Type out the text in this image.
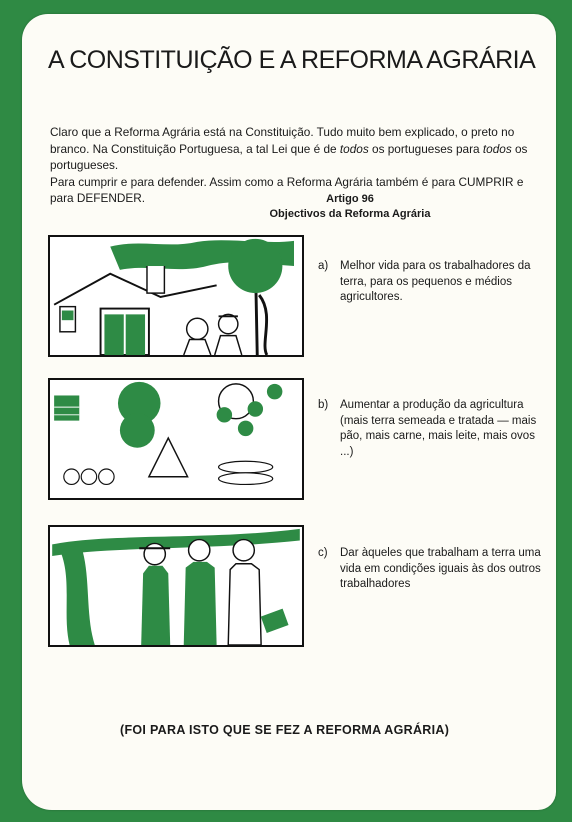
A CONSTITUIÇÃO E A REFORMA AGRÁRIA

Claro que a Reforma Agrária está na Constituição. Tudo muito bem explicado, o preto no branco. Na Constituição Portuguesa, a tal Lei que é de todos os portugueses para todos os portugueses.

Para cumprir e para defender. Assim como a Reforma Agrária também é para CUMPRIR e para DEFENDER.	Artigo 96
Objectivos da Reforma Agrária
a) Melhor vida para os trabalhadores da terra, para os pequenos e médios agricultores.
b) Aumentar a produção da agricultura (mais terra semeada e tratada — mais pão, mais carne, mais leite, mais ovos ...)
c) Dar àqueles que trabalham a terra uma vida em condições iguais às dos outros trabalhadores
(FOI PARA ISTO QUE SE FEZ A REFORMA AGRÁRIA)
